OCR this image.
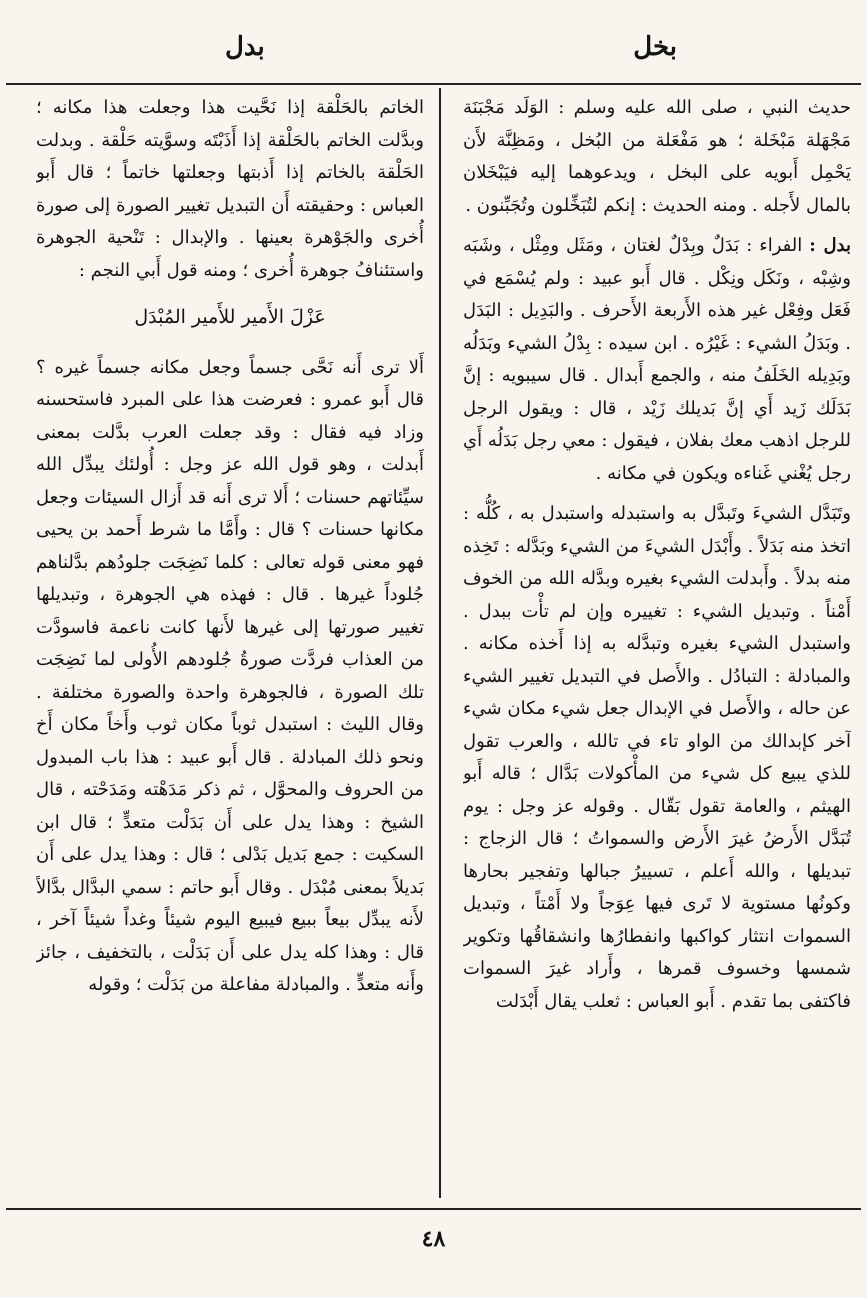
بخل
بدل

حديث النبي ، صلى الله عليه وسلم : الوَلَد مَجْبَنَة مَجْهَلة مَبْخَلة ؛ هو مَفْعَلة من البُخل ، ومَظِنَّة لأَن يَحْمِل أَبويه على البخل ، ويدعوهما إليه فيَبْخَلان بالمال لأَجله . ومنه الحديث : إنكم لتُبَخِّلون وتُجَبِّنون .

بدل : الفراء : بَدَلٌ وبِدْلٌ لغتان ، ومَثَل ومِثْل ، وشَبَه وشِبْه ، ونَكَل ونِكْل . قال أَبو عبيد : ولم يُسْمَع في فَعَل وفِعْل غير هذه الأَربعة الأَحرف . والبَدِيل : البَدَل . وبَدَلُ الشيء : غَيْرُه . ابن سيده : بِدْلُ الشيء وبَدَلُه وبَدِيله الخَلَفُ منه ، والجمع أَبدال . قال سيبويه : إنَّ بَدَلَك زَيد أَي إنَّ بَديلك زَيْد ، قال : ويقول الرجل للرجل اذهب معك بفلان ، فيقول : معي رجل بَدَلُه أَي رجل يُغْني غَناءه ويكون في مكانه .

وتَبَدَّل الشيءَ وتَبدَّل به واستبدله واستبدل به ، كُلُّه : اتخذ منه بَدَلاً . وأَبْدَل الشيءَ من الشيء وبَدَّله : تَخِذه منه بدلاً . وأَبدلت الشيء بغيره وبدَّله الله من الخوف أَمْناً . وتبديل الشيء : تغييره وإن لم تأْت ببدل . واستبدل الشيء بغيره وتبدَّله به إذا أَخذه مكانه . والمبادلة : التبادُل . والأَصل في التبديل تغيير الشيء عن حاله ، والأَصل في الإبدال جعل شيء مكان شيء آخر كإبدالك من الواو تاء في تالله ، والعرب تقول للذي يبيع كل شيء من المأْكولات بَدَّال ؛ قاله أَبو الهيثم ، والعامة تقول بَقّال . وقوله عز وجل : يوم تُبَدَّل الأَرضُ غيرَ الأَرض والسمواتُ ؛ قال الزجاج : تبديلها ، والله أَعلم ، تسييرُ جبالها وتفجير بحارها وكونُها مستوية لا تَرى فيها عِوَجاً ولا أَمْتاً ، وتبديل السموات انتثار كواكبها وانفطارُها وانشقاقُها وتكوير شمسها وخسوف قمرها ، وأَراد غيرَ السموات فاكتفى بما تقدم . أَبو العباس : ثعلب يقال أَبْدَلت

الخاتم بالحَلْقة إذا نَحَّيت هذا وجعلت هذا مكانه ؛ وبدَّلت الخاتم بالحَلْقة إذا أَذَبْتَه وسوَّيته حَلْقة . وبدلت الحَلْقة بالخاتم إذا أَذبتها وجعلتها خاتماً ؛ قال أَبو العباس : وحقيقته أَن التبديل تغيير الصورة إلى صورة أُخرى والجَوْهرة بعينها . والإبدال : تَنْحية الجوهرة واستئنافُ جوهرة أُخرى ؛ ومنه قول أَبي النجم :

عَزْلَ الأَمير للأَمير المُبْدَل

أَلا ترى أَنه نَحَّى جسماً وجعل مكانه جسماً غيره ؟ قال أَبو عمرو : فعرضت هذا على المبرد فاستحسنه وزاد فيه فقال : وقد جعلت العرب بدَّلت بمعنى أَبدلت ، وهو قول الله عز وجل : أُولئك يبدِّل الله سيِّئاتهم حسنات ؛ أَلا ترى أَنه قد أَزال السيئات وجعل مكانها حسنات ؟ قال : وأَمَّا ما شرط أَحمد بن يحيى فهو معنى قوله تعالى : كلما نَضِجَت جلودُهم بدَّلناهم جُلوداً غيرها . قال : فهذه هي الجوهرة ، وتبديلها تغيير صورتها إلى غيرها لأَنها كانت ناعمة فاسودَّت من العذاب فردَّت صورةُ جُلودهم الأُولى لما نَضِجَت تلك الصورة ، فالجوهرة واحدة والصورة مختلفة . وقال الليث : استبدل ثوباً مكان ثوب وأَخاً مكان أَخ ونحو ذلك المبادلة . قال أَبو عبيد : هذا باب المبدول من الحروف والمحوَّل ، ثم ذكر مَدَهْته ومَدَحْته ، قال الشيخ : وهذا يدل على أَن بَدَلْت متعدٍّ ؛ قال ابن السكيت : جمع بَديل بَدْلى ؛ قال : وهذا يدل على أَن بَديلاً بمعنى مُبْدَل . وقال أَبو حاتم : سمي البدَّال بدَّالاً لأَنه يبدِّل بيعاً ببيع فيبيع اليوم شيئاً وغداً شيئاً آخر ، قال : وهذا كله يدل على أَن بَدَلْت ، بالتخفيف ، جائز وأَنه متعدٍّ . والمبادلة مفاعلة من بَدَلْت ؛ وقوله

٤٨
